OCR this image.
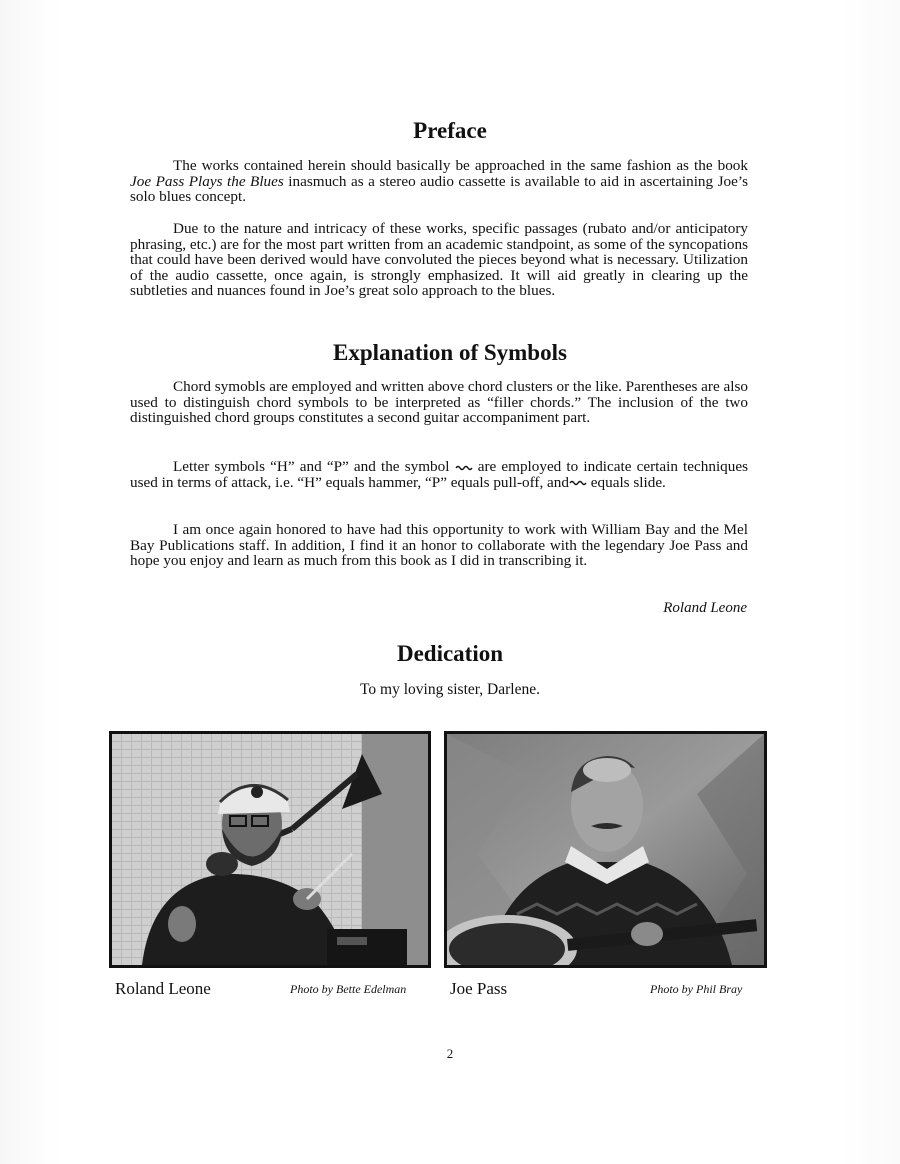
Preface

The works contained herein should basically be approached in the same fashion as the book Joe Pass Plays the Blues inasmuch as a stereo audio cassette is available to aid in ascertaining Joe’s solo blues concept.

Due to the nature and intricacy of these works, specific passages (rubato and/or anticipatory phrasing, etc.) are for the most part written from an academic standpoint, as some of the syncopations that could have been derived would have convoluted the pieces beyond what is necessary. Utilization of the audio cassette, once again, is strongly emphasized. It will aid greatly in clearing up the subtleties and nuances found in Joe’s great solo approach to the blues.

Explanation of Symbols

Chord symobls are employed and written above chord clusters or the like. Parentheses are also used to distinguish chord symbols to be interpreted as “filler chords.” The inclusion of the two distinguished chord groups constitutes a second guitar accompaniment part.

Letter symbols “H” and “P” and the symbol  are employed to indicate certain techniques used in terms of attack, i.e. “H” equals hammer, “P” equals pull-off, and equals slide.

I am once again honored to have had this opportunity to work with William Bay and the Mel Bay Publications staff. In addition, I find it an honor to collaborate with the legendary Joe Pass and hope you enjoy and learn as much from this book as I did in transcribing it.

Roland Leone

Dedication

To my loving sister, Darlene.

Roland Leone	Photo by Bette Edelman	Joe Pass	Photo by Phil Bray

2
